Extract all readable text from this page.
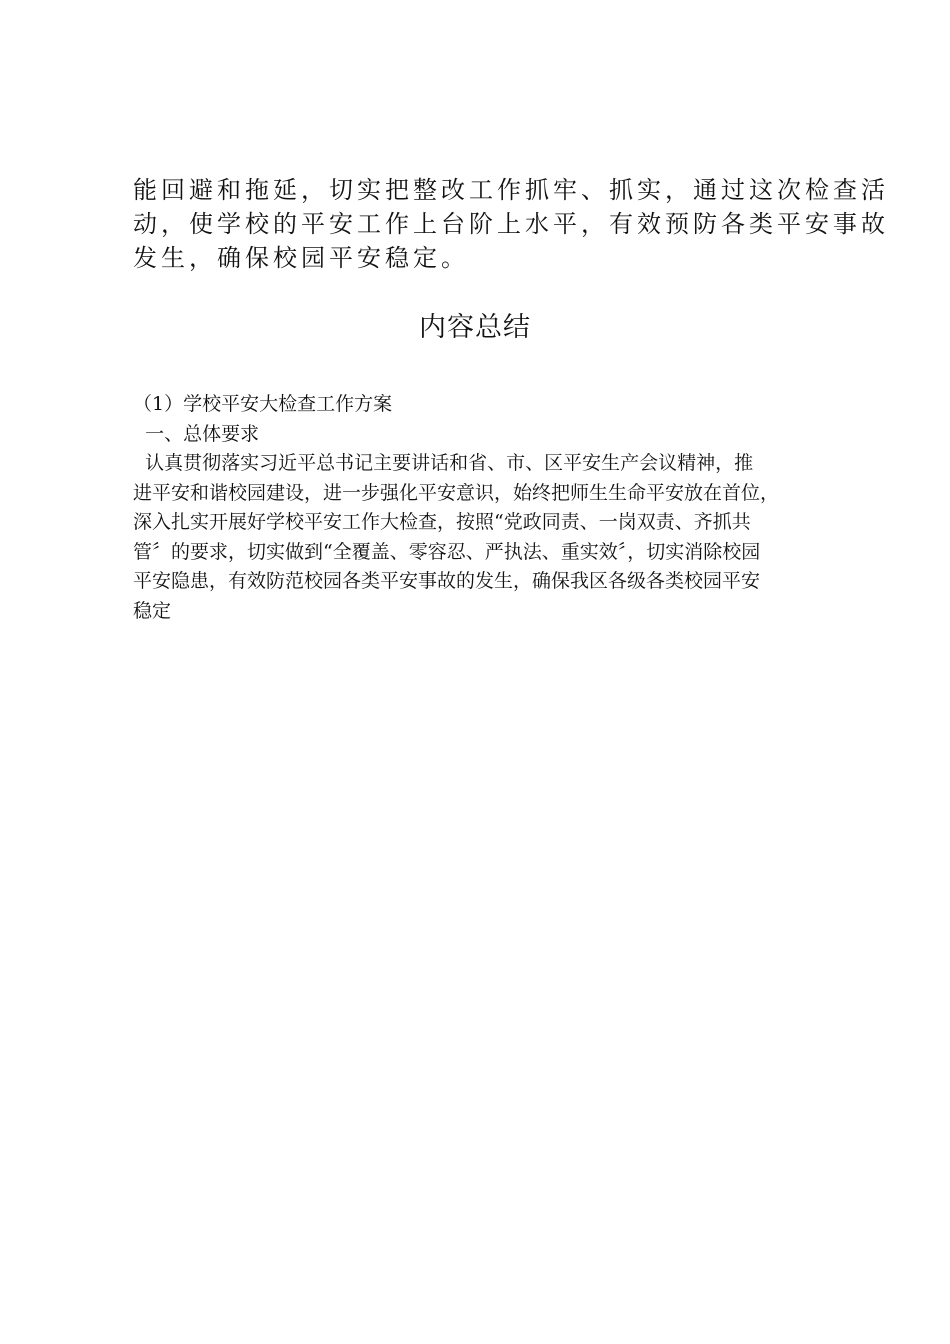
能回避和拖延，切实把整改工作抓牢、抓实，通过这次检查活
动，使学校的平安工作上台阶上水平，有效预防各类平安事故
发生，确保校园平安稳定。
内容总结
（1）学校平安大检查工作方案
一、总体要求
认真贯彻落实习近平总书记主要讲话和省、市、区平安生产会议精神，推
进平安和谐校园建设，进一步强化平安意识，始终把师生生命平安放在首位，
深入扎实开展好学校平安工作大检查，按照“党政同责、一岗双责、齐抓共
管〞的要求，切实做到“全覆盖、零容忍、严执法、重实效〞，切实消除校园
平安隐患，有效防范校园各类平安事故的发生，确保我区各级各类校园平安
稳定
